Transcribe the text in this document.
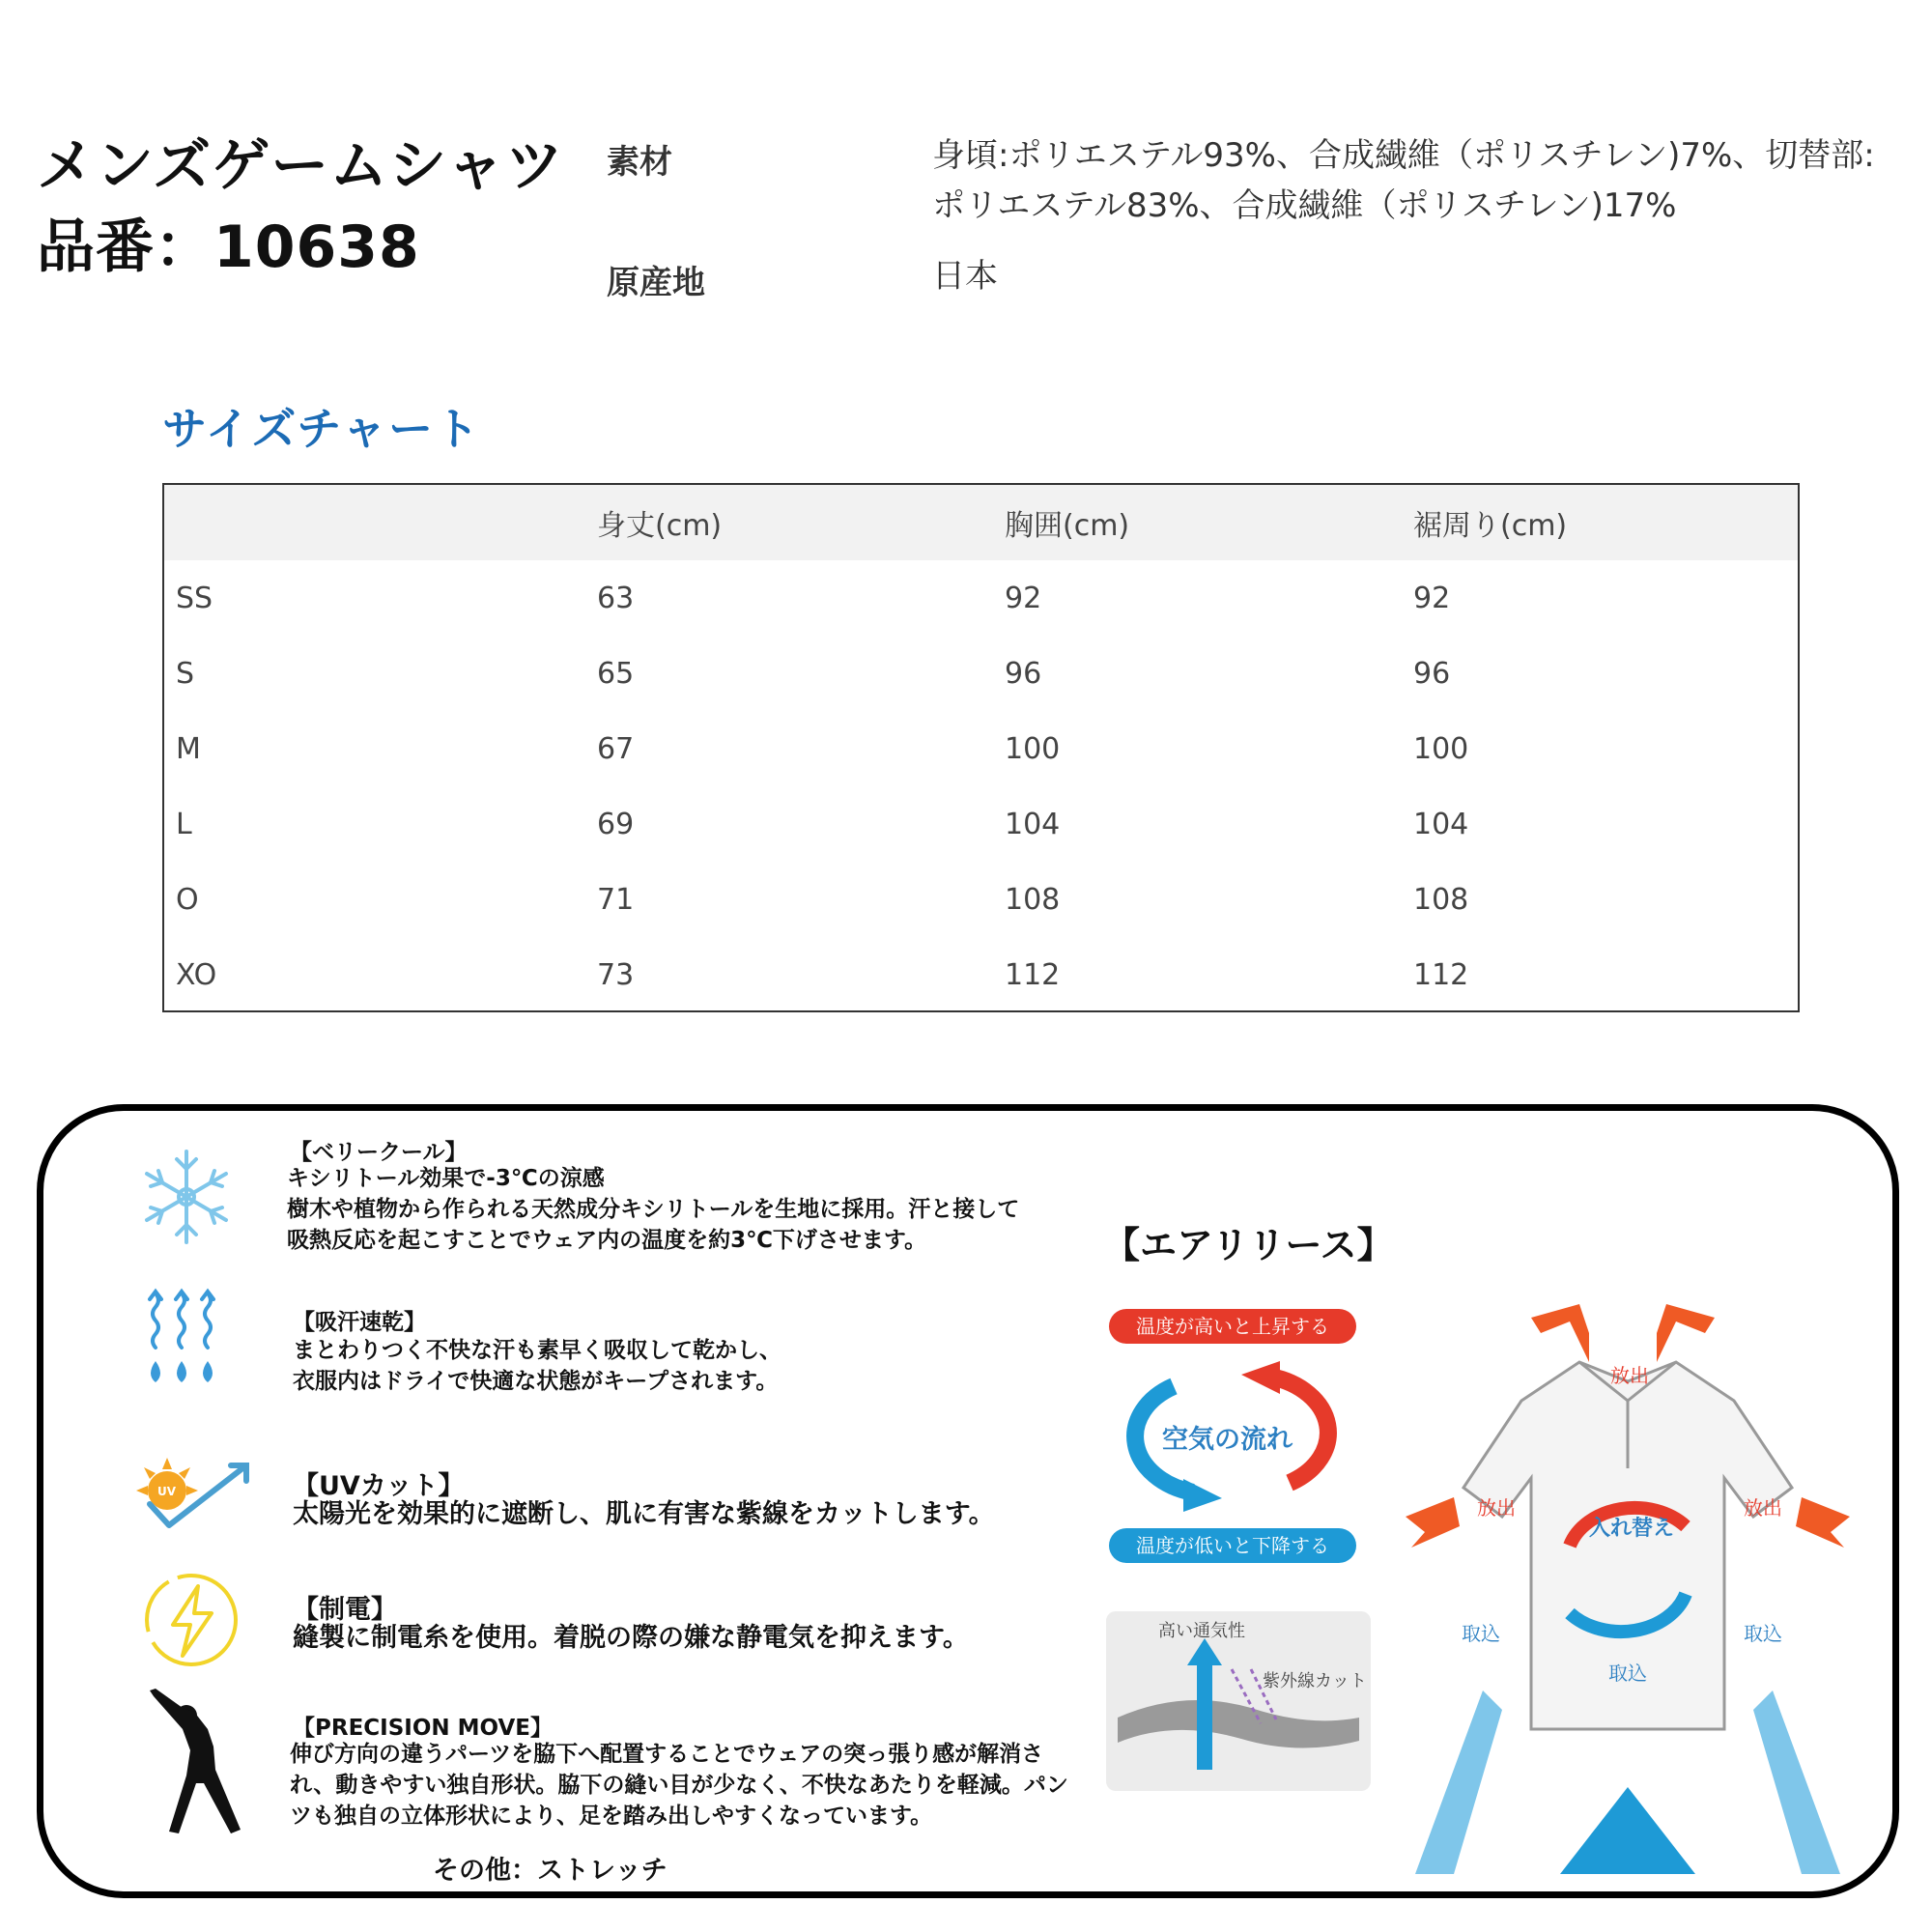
メンズゲームシャツ
品番：10638
素材	身頃:ポリエステル93%、合成繊維（ポリスチレン)7%、切替部:ポリエステル83%、合成繊維（ポリスチレン)17%
原産地	日本
サイズチャート
	身丈(cm)	胸囲(cm)	裾周り(cm)
SS	63	92	92
S	65	96	96
M	67	100	100
L	69	104	104
O	71	108	108
XO	73	112	112
【ベリークール】
キシリトール効果で-3℃の涼感
樹木や植物から作られる天然成分キシリトールを生地に採用。汗と接して吸熱反応を起こすことでウェア内の温度を約3℃下げさせます。
【吸汗速乾】
まとわりつく不快な汗も素早く吸収して乾かし、
衣服内はドライで快適な状態がキープされます。
UV	【UVカット】
太陽光を効果的に遮断し、肌に有害な紫線をカットします。
【制電】
縫製に制電糸を使用。着脱の際の嫌な静電気を抑えます。
【PRECISION MOVE】
伸び方向の違うパーツを脇下へ配置することでウェアの突っ張り感が解消され、動きやすい独自形状。脇下の縫い目が少なく、不快なあたりを軽減。パンツも独自の立体形状により、足を踏み出しやすくなっています。
その他：ストレッチ
【エアリリース】
温度が高いと上昇する
温度が低いと下降する
空気の流れ
高い通気性
紫外線カット
放出
放出	放出
入れ替え
取込	取込
取込
